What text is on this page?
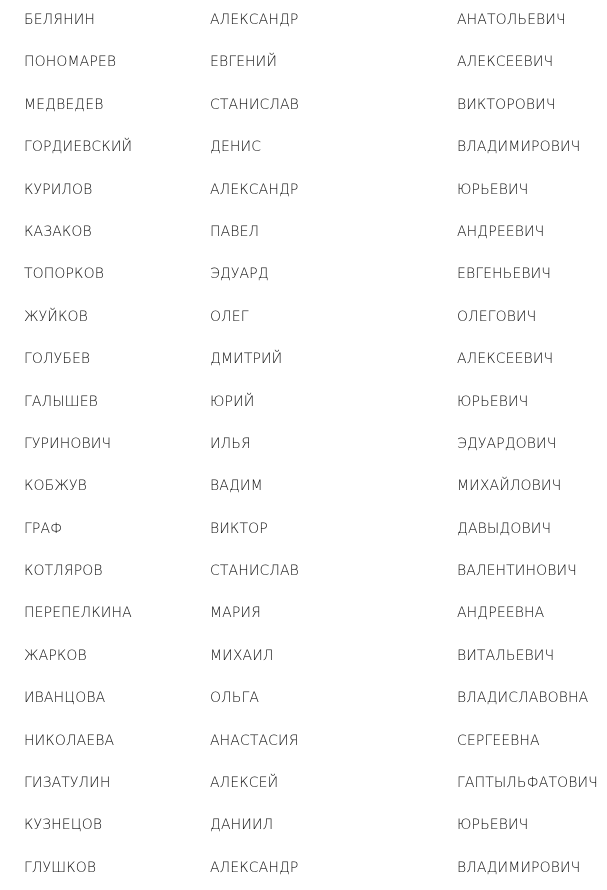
БЕЛЯНИН	АЛЕКСАНДР	АНАТОЛЬЕВИЧ
ПОНОМАРЕВ	ЕВГЕНИЙ	АЛЕКСЕЕВИЧ
МЕДВЕДЕВ	СТАНИСЛАВ	ВИКТОРОВИЧ
ГОРДИЕВСКИЙ	ДЕНИС	ВЛАДИМИРОВИЧ
КУРИЛОВ	АЛЕКСАНДР	ЮРЬЕВИЧ
КАЗАКОВ	ПАВЕЛ	АНДРЕЕВИЧ
ТОПОРКОВ	ЭДУАРД	ЕВГЕНЬЕВИЧ
ЖУЙКОВ	ОЛЕГ	ОЛЕГОВИЧ
ГОЛУБЕВ	ДМИТРИЙ	АЛЕКСЕЕВИЧ
ГАЛЫШЕВ	ЮРИЙ	ЮРЬЕВИЧ
ГУРИНОВИЧ	ИЛЬЯ	ЭДУАРДОВИЧ
КОБЖУВ	ВАДИМ	МИХАЙЛОВИЧ
ГРАФ	ВИКТОР	ДАВЫДОВИЧ
КОТЛЯРОВ	СТАНИСЛАВ	ВАЛЕНТИНОВИЧ
ПЕРЕПЕЛКИНА	МАРИЯ	АНДРЕЕВНА
ЖАРКОВ	МИХАИЛ	ВИТАЛЬЕВИЧ
ИВАНЦОВА	ОЛЬГА	ВЛАДИСЛАВОВНА
НИКОЛАЕВА	АНАСТАСИЯ	СЕРГЕЕВНА
ГИЗАТУЛИН	АЛЕКСЕЙ	ГАПТЫЛЬФАТОВИЧ
КУЗНЕЦОВ	ДАНИИЛ	ЮРЬЕВИЧ
ГЛУШКОВ	АЛЕКСАНДР	ВЛАДИМИРОВИЧ
